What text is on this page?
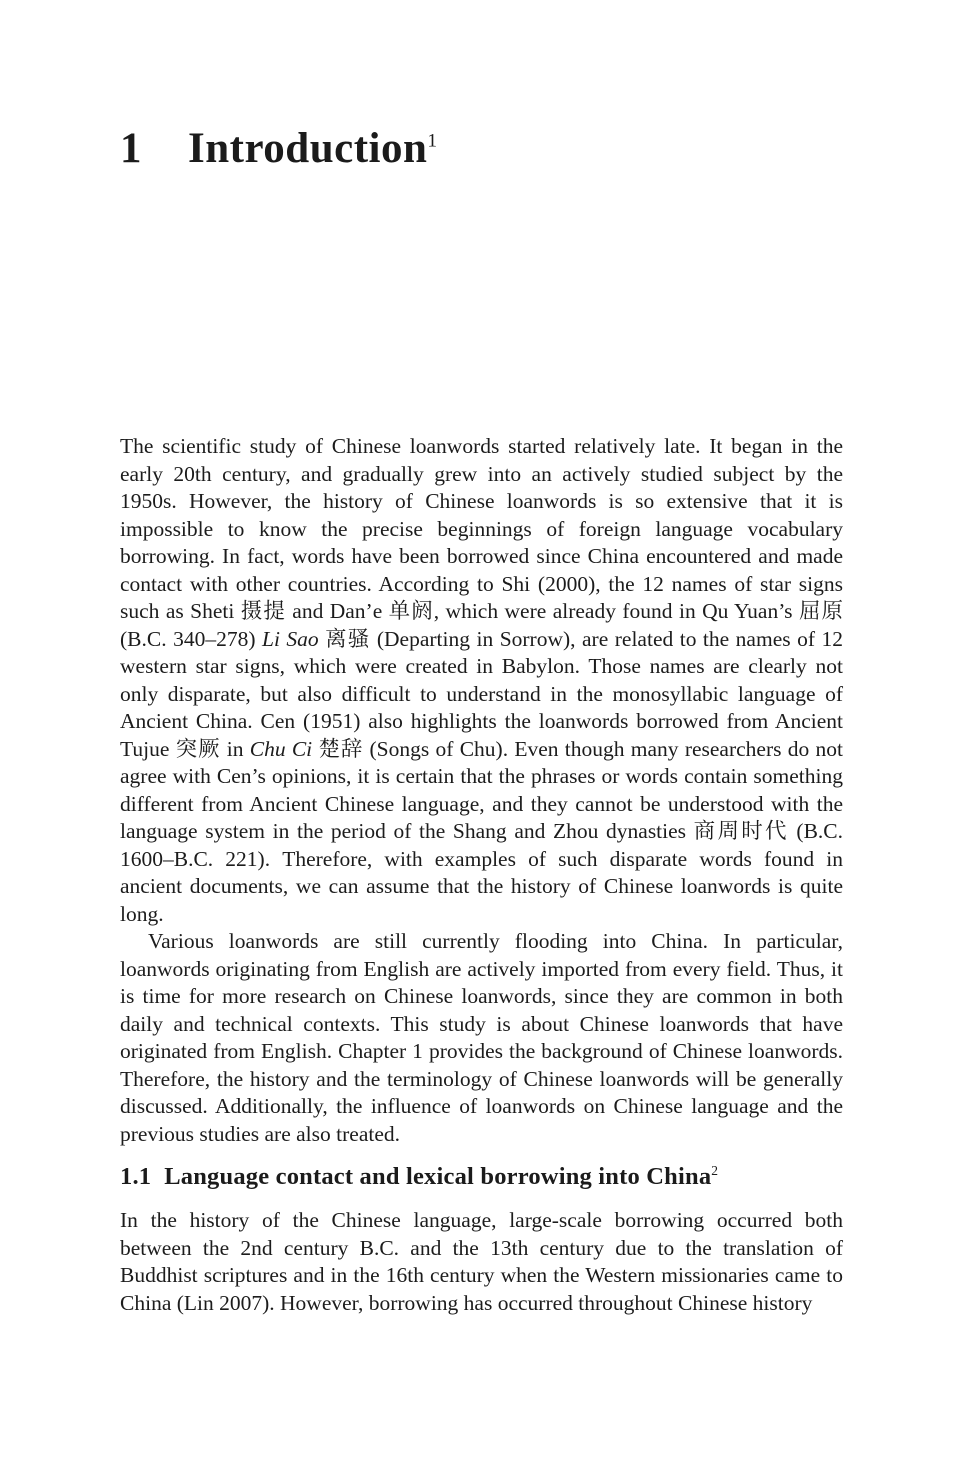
1 Introduction$^1$

The scientific study of Chinese loanwords started relatively late. It began in the early 20th century, and gradually grew into an actively studied subject by the 1950s. However, the history of Chinese loanwords is so extensive that it is impossible to know the precise beginnings of foreign language vocabulary borrowing. In fact, words have been borrowed since China encountered and made contact with other countries. According to Shi (2000), the 12 names of star signs such as Sheti 摄提 and Dan’e 单阏, which were already found in Qu Yuan’s 屈原 (B.C. 340–278) Li Sao 离骚 (Departing in Sorrow), are related to the names of 12 western star signs, which were created in Babylon. Those names are clearly not only disparate, but also difficult to understand in the monosyllabic language of Ancient China. Cen (1951) also highlights the loanwords borrowed from Ancient Tujue 突厥 in Chu Ci 楚辞 (Songs of Chu). Even though many researchers do not agree with Cen’s opinions, it is certain that the phrases or words contain something different from Ancient Chinese language, and they cannot be understood with the language system in the period of the Shang and Zhou dynasties 商周时代 (B.C. 1600–B.C. 221). Therefore, with examples of such disparate words found in ancient documents, we can assume that the history of Chinese loanwords is quite long.

Various loanwords are still currently flooding into China. In particular, loanwords originating from English are actively imported from every field. Thus, it is time for more research on Chinese loanwords, since they are common in both daily and technical contexts. This study is about Chinese loanwords that have originated from English. Chapter 1 provides the background of Chinese loanwords. Therefore, the history and the terminology of Chinese loanwords will be generally discussed. Additionally, the influence of loanwords on Chinese language and the previous studies are also treated.

1.1 Language contact and lexical borrowing into China$^2$

In the history of the Chinese language, large-scale borrowing occurred both between the 2nd century B.C. and the 13th century due to the translation of Buddhist scriptures and in the 16th century when the Western missionaries came to China (Lin 2007). However, borrowing has occurred throughout Chinese history
